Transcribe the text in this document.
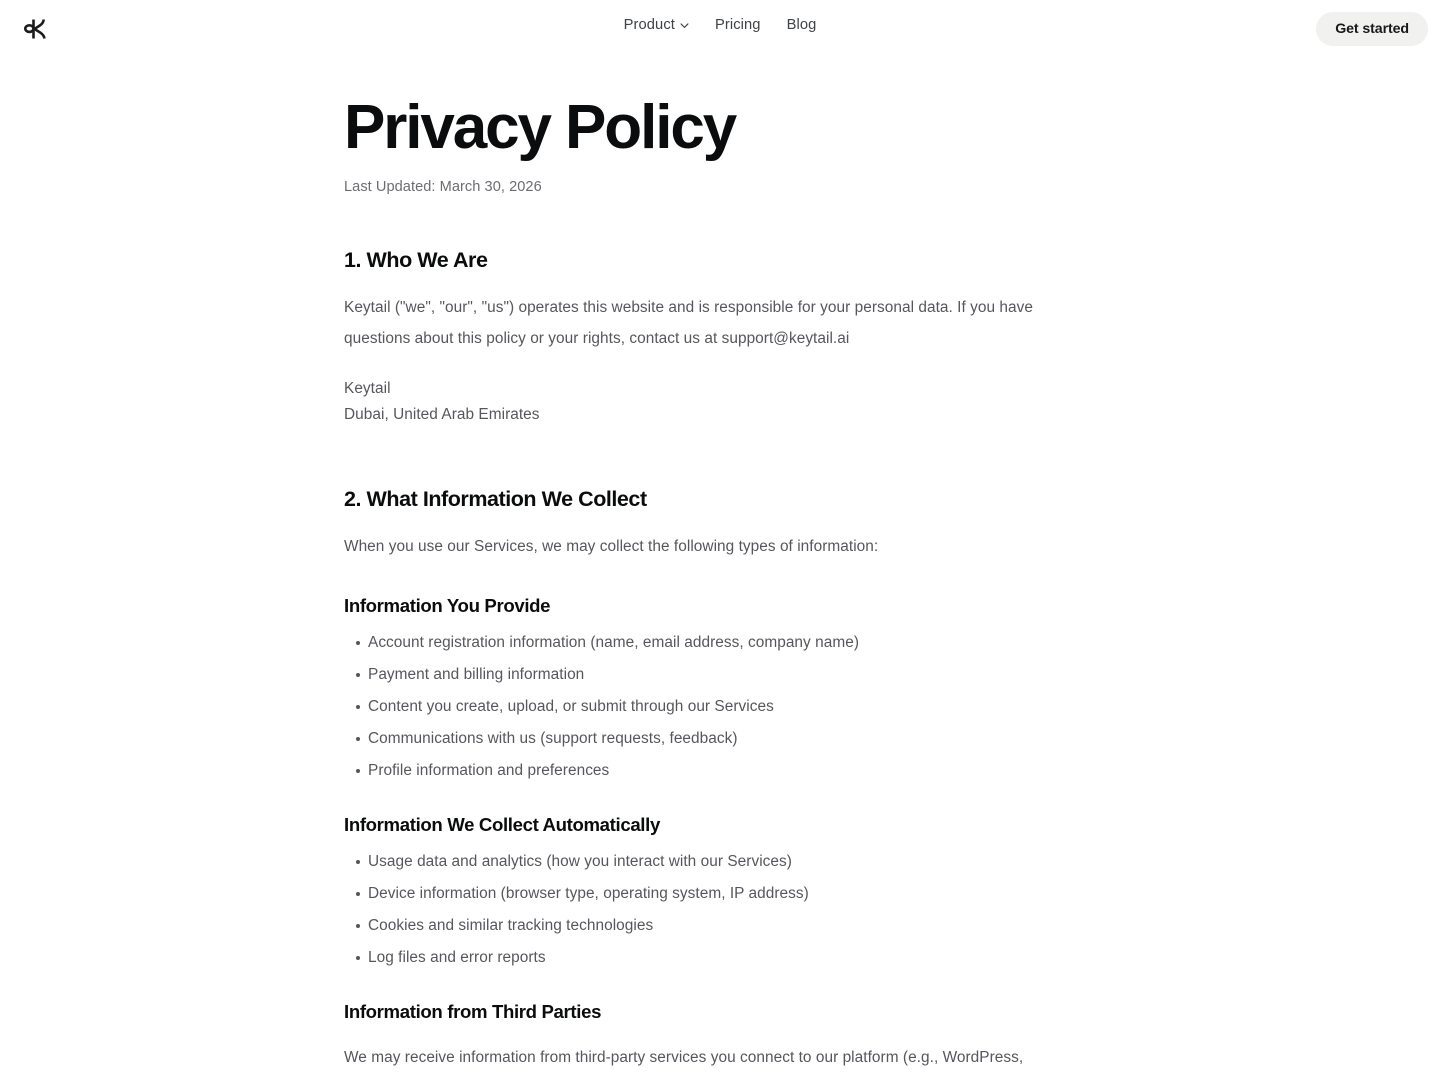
Product	Pricing Blog	Get started
Privacy Policy
Last Updated: March 30, 2026
1. Who We Are

Keytail ("we", "our", "us") operates this website and is responsible for your personal data. If you have questions about this policy or your rights, contact us at support@keytail.ai

Keytail
Dubai, United Arab Emirates

2. What Information We Collect

When you use our Services, we may collect the following types of information:

Information You Provide
Account registration information (name, email address, company name)
Payment and billing information
Content you create, upload, or submit through our Services
Communications with us (support requests, feedback)
Profile information and preferences
Information We Collect Automatically
Usage data and analytics (how you interact with our Services)
Device information (browser type, operating system, IP address)
Cookies and similar tracking technologies
Log files and error reports
Information from Third Parties

We may receive information from third-party services you connect to our platform (e.g., WordPress,
